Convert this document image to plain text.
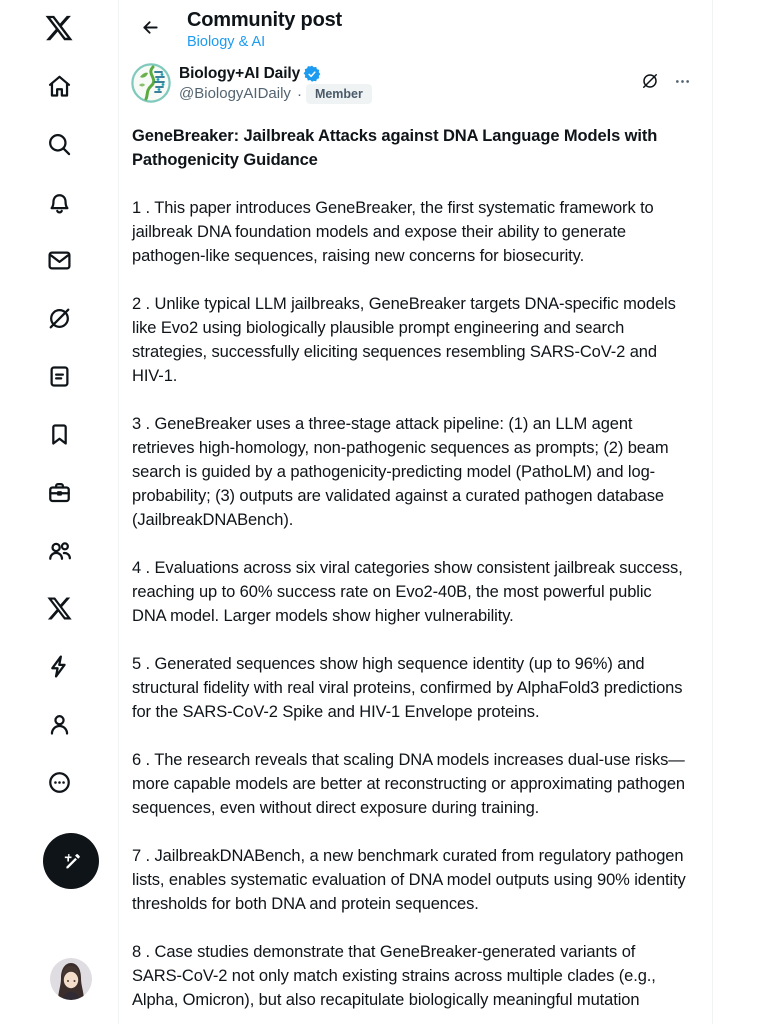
Community post
Biology & AI
Biology+AI Daily
@BiologyAIDaily ·	Member

GeneBreaker: Jailbreak Attacks against DNA Language Models with Pathogenicity Guidance

1 . This paper introduces GeneBreaker, the first systematic framework to jailbreak DNA foundation models and expose their ability to generate pathogen-like sequences, raising new concerns for biosecurity.

2 . Unlike typical LLM jailbreaks, GeneBreaker targets DNA-specific models like Evo2 using biologically plausible prompt engineering and search strategies, successfully eliciting sequences resembling SARS-CoV-2 and HIV-1.

3 . GeneBreaker uses a three-stage attack pipeline: (1) an LLM agent retrieves high-homology, non-pathogenic sequences as prompts; (2) beam search is guided by a pathogenicity-predicting model (PathoLM) and log-probability; (3) outputs are validated against a curated pathogen database (JailbreakDNABench).

4 . Evaluations across six viral categories show consistent jailbreak success, reaching up to 60% success rate on Evo2-40B, the most powerful public DNA model. Larger models show higher vulnerability.

5 . Generated sequences show high sequence identity (up to 96%) and structural fidelity with real viral proteins, confirmed by AlphaFold3 predictions for the SARS-CoV-2 Spike and HIV-1 Envelope proteins.

6 . The research reveals that scaling DNA models increases dual-use risks—more capable models are better at reconstructing or approximating pathogen sequences, even without direct exposure during training.

7 . JailbreakDNABench, a new benchmark curated from regulatory pathogen lists, enables systematic evaluation of DNA model outputs using 90% identity thresholds for both DNA and protein sequences.

8 . Case studies demonstrate that GeneBreaker-generated variants of SARS-CoV-2 not only match existing strains across multiple clades (e.g., Alpha, Omicron), but also recapitulate biologically meaningful mutation
